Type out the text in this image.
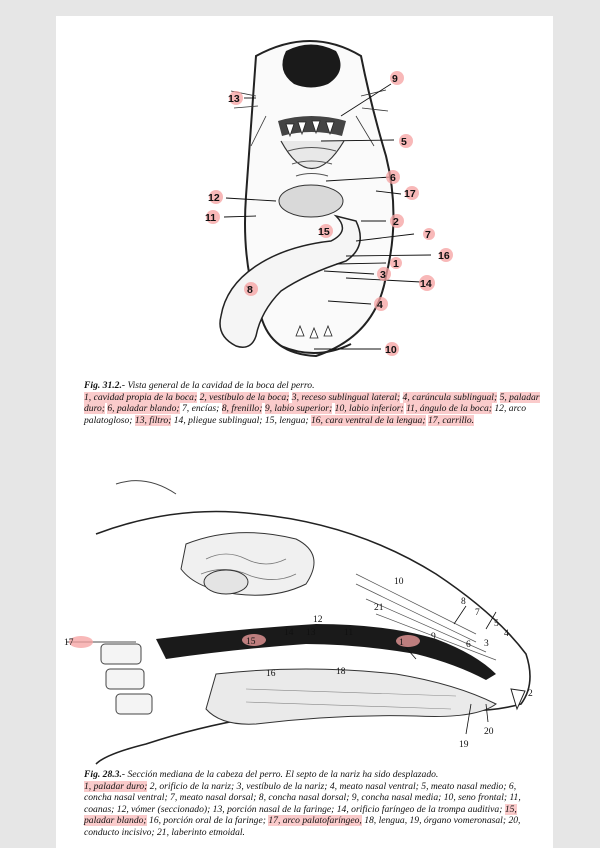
9
13
5
6
17
12
2
11
15	7
16
1
3
14
8
4
10
Fig. 31.2.- Vista general de la cavidad de la boca del perro.
1, cavidad propia de la boca; 2, vestíbulo de la boca; 3, receso sublingual lateral; 4, carúncula sublingual; 5, paladar duro; 6, paladar blando; 7, encías; 8, frenillo; 9, labio superior; 10, labio inferior; 11, ángulo de la boca; 12, arco palatogloso; 13, filtro; 14, pliegue sublingual; 15, lengua; 16, cara ventral de la lengua; 17, carrillo.
10
8
21	7
5
4
12
3
14 13	11	9
6
17	15	1
16	18
2
19
20
Fig. 28.3.- Sección mediana de la cabeza del perro. El septo de la nariz ha sido desplazado.
1, paladar duro; 2, orificio de la nariz; 3, vestíbulo de la nariz; 4, meato nasal ventral; 5, meato nasal medio; 6, concha nasal ventral; 7, meato nasal dorsal; 8, concha nasal dorsal; 9, concha nasal media; 10, seno frontal; 11, coanas; 12, vómer (seccionado); 13, porción nasal de la faringe; 14, orificio faríngeo de la trompa auditiva; 15, paladar blando; 16, porción oral de la faringe; 17, arco palatofaríngeo, 18, lengua, 19, órgano vomeronasal; 20, conducto incisivo; 21, laberinto etmoidal.
